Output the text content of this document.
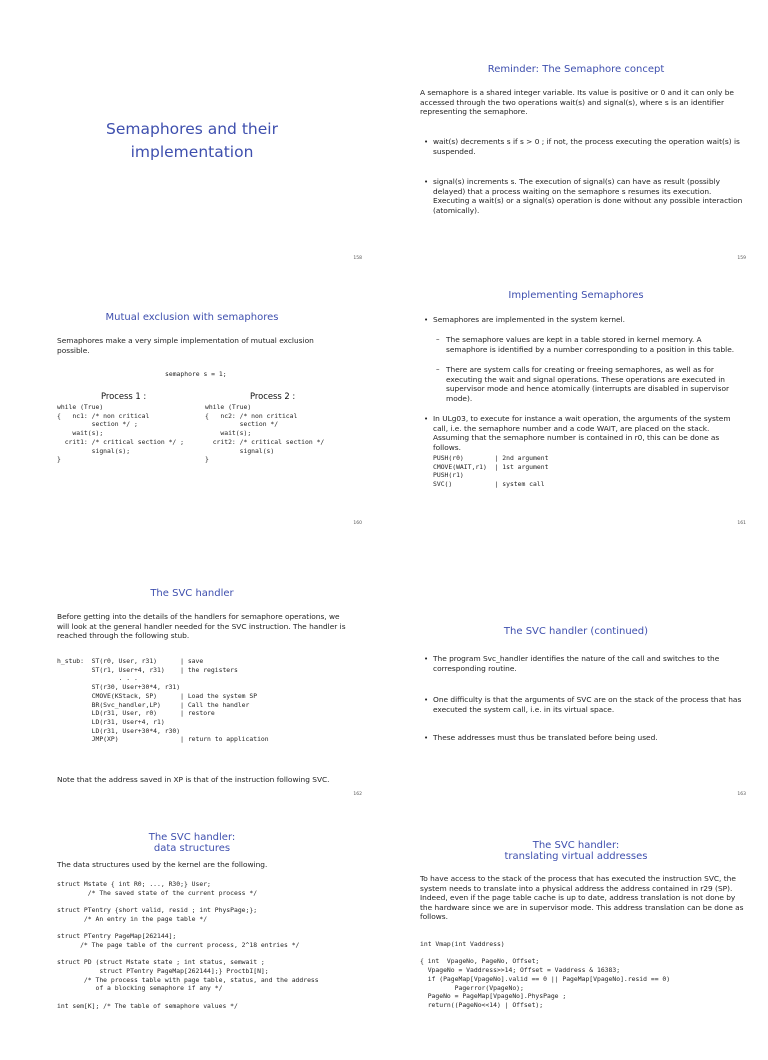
Semaphores and their
implementation
158
Reminder: The Semaphore concept
A semaphore is a shared integer variable. Its value is positive or 0 and it can only be accessed through the two operations wait(s) and signal(s), where s is an identifier representing the semaphore.
• wait(s) decrements s if s > 0 ; if not, the process executing the operation wait(s) is suspended.
• signal(s) increments s. The execution of signal(s) can have as result (possibly delayed) that a process waiting on the semaphore s resumes its execution. Executing a wait(s) or a signal(s) operation is done without any possible interaction (atomically).
159
Mutual exclusion with semaphores
Semaphores make a very simple implementation of mutual exclusion possible.
semaphore s = 1;
Process 1 :	Process 2 :
while (True)
{   nc1: /* non critical
section */ ;
wait(s);
crit1: /* critical section */ ;
signal(s);
}
while (True)
{   nc2: /* non critical
section */
wait(s);
crit2: /* critical section */
signal(s)
}
160
Implementing Semaphores
• Semaphores are implemented in the system kernel.
– The semaphore values are kept in a table stored in kernel memory. A semaphore is identified by a number corresponding to a position in this table.
– There are system calls for creating or freeing semaphores, as well as for executing the wait and signal operations. These operations are executed in supervisor mode and hence atomically (interrupts are disabled in supervisor mode).
• In ULg03, to execute for instance a wait operation, the arguments of the system call, i.e. the semaphore number and a code WAIT, are placed on the stack. Assuming that the semaphore number is contained in r0, this can be done as follows.
PUSH(r0)        | 2nd argument
CMOVE(WAIT,r1)  | 1st argument
PUSH(r1)
SVC()           | system call
161
The SVC handler
Before getting into the details of the handlers for semaphore operations, we will look at the general handler needed for the SVC instruction. The handler is reached through the following stub.
h_stub:  ST(r0, User, r31)      | save
ST(r1, User+4, r31)    | the registers
. . .
ST(r30, User+30*4, r31)
CMOVE(KStack, SP)      | Load the system SP
BR(Svc_handler,LP)     | Call the handler
LD(r31, User, r0)      | restore
LD(r31, User+4, r1)
LD(r31, User+30*4, r30)
JMP(XP)                | return to application
Note that the address saved in XP is that of the instruction following SVC.
162
The SVC handler (continued)
• The program Svc_handler identifies the nature of the call and switches to the corresponding routine.
• One difficulty is that the arguments of SVC are on the stack of the process that has executed the system call, i.e. in its virtual space.
• These addresses must thus be translated before being used.
163
The SVC handler:
data structures
The data structures used by the kernel are the following.
struct Mstate { int R0; ..., R30;} User;
/* The saved state of the current process */

struct PTentry {short valid, resid ; int PhysPage;};
/* An entry in the page table */

struct PTentry PageMap[262144];
/* The page table of the current process, 2^18 entries */

struct PD (struct Mstate state ; int status, semwait ;
struct PTentry PageMap[262144];} ProctbI[N];
/* The process table with page table, status, and the address
of a blocking semaphore if any */

int sem[K]; /* The table of semaphore values */
The SVC handler:
translating virtual addresses
To have access to the stack of the process that has executed the instruction SVC, the system needs to translate into a physical address the address contained in r29 (SP). Indeed, even if the page table cache is up to date, address translation is not done by the hardware since we are in supervisor mode. This address translation can be done as follows.
int Vmap(int Vaddress)

{ int  VpageNo, PageNo, Offset;
VpageNo = Vaddress>>14; Offset = Vaddress & 16383;
if (PageMap[VpageNo].valid == 0 || PageMap[VpageNo].resid == 0)
Pagerror(VpageNo);
PageNo = PageMap[VpageNo].PhysPage ;
return((PageNo<<14) | Offset);
